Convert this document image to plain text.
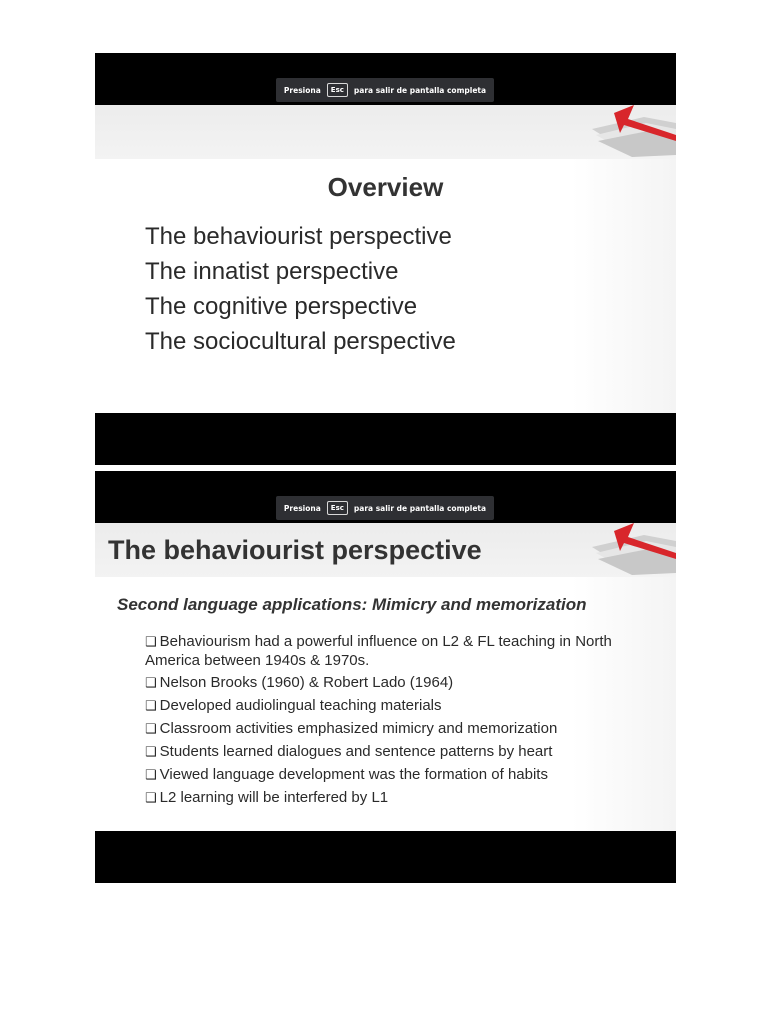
Presiona	Esc	para salir de pantalla completa
Overview
The behaviourist perspective
The innatist perspective
The cognitive perspective
The sociocultural perspective
Presiona	Esc	para salir de pantalla completa
The behaviourist perspective
Second language applications: Mimicry and memorization
❑ Behaviourism had a powerful influence on L2 & FL teaching in North America between 1940s & 1970s.
❑ Nelson Brooks (1960) & Robert Lado (1964)
❑ Developed audiolingual teaching materials
❑ Classroom activities emphasized mimicry and memorization
❑ Students learned dialogues and sentence patterns by heart
❑ Viewed language development was the formation of habits
❑ L2 learning will be interfered by L1
